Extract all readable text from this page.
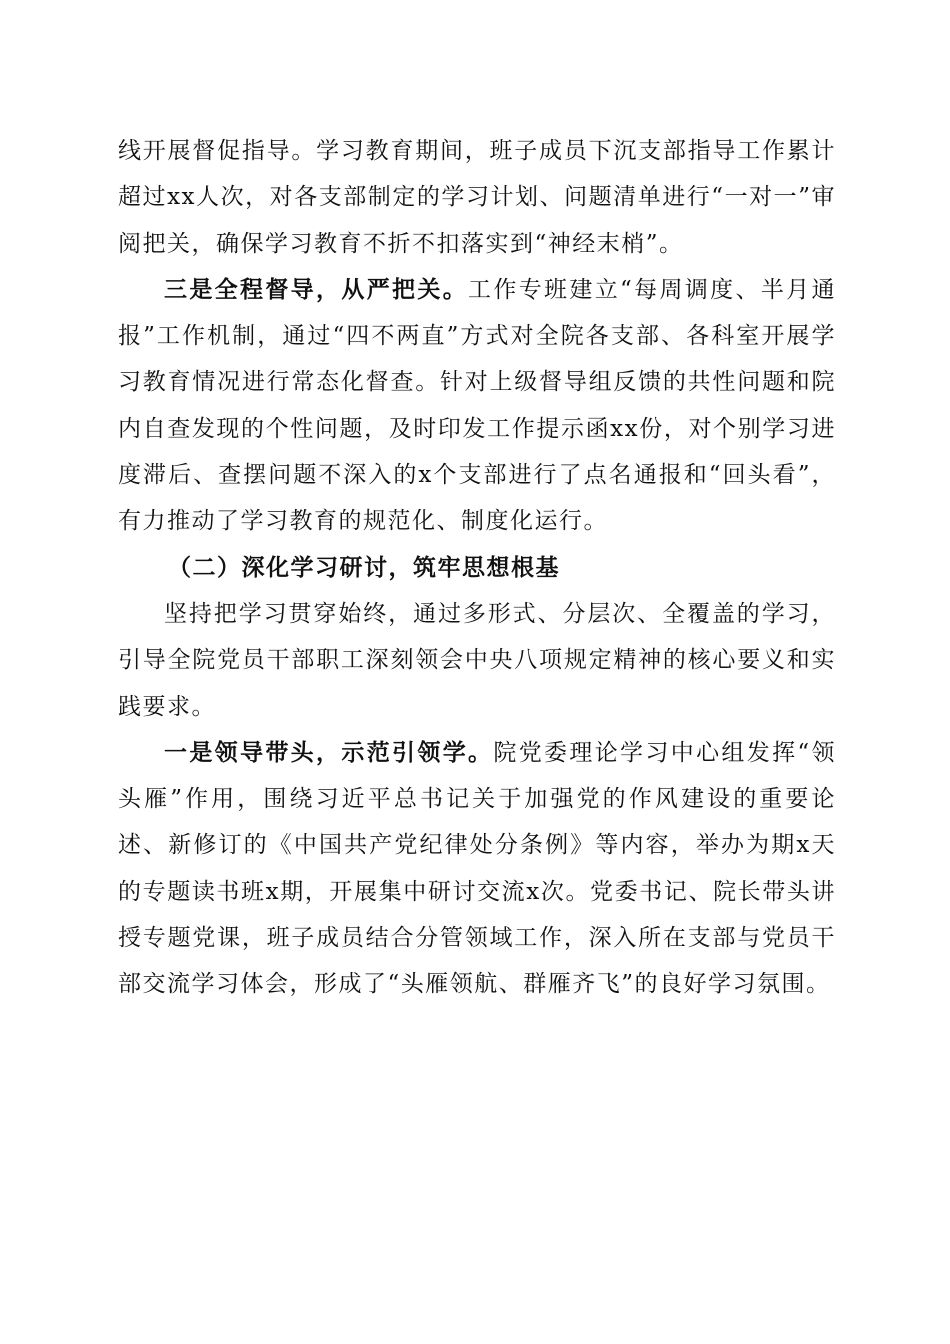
线开展督促指导。学习教育期间，班子成员下沉支部指导工作累计超过xx人次，对各支部制定的学习计划、问题清单进行“一对一”审阅把关，确保学习教育不折不扣落实到“神经末梢”。

三是全程督导，从严把关。工作专班建立“每周调度、半月通报”工作机制，通过“四不两直”方式对全院各支部、各科室开展学习教育情况进行常态化督查。针对上级督导组反馈的共性问题和院内自查发现的个性问题，及时印发工作提示函xx份，对个别学习进度滞后、查摆问题不深入的x个支部进行了点名通报和“回头看”，有力推动了学习教育的规范化、制度化运行。

（二）深化学习研讨，筑牢思想根基

坚持把学习贯穿始终，通过多形式、分层次、全覆盖的学习，引导全院党员干部职工深刻领会中央八项规定精神的核心要义和实践要求。

一是领导带头，示范引领学。院党委理论学习中心组发挥“领头雁”作用，围绕习近平总书记关于加强党的作风建设的重要论述、新修订的《中国共产党纪律处分条例》等内容，举办为期x天的专题读书班x期，开展集中研讨交流x次。党委书记、院长带头讲授专题党课，班子成员结合分管领域工作，深入所在支部与党员干部交流学习体会，形成了“头雁领航、群雁齐飞”的良好学习氛围。
